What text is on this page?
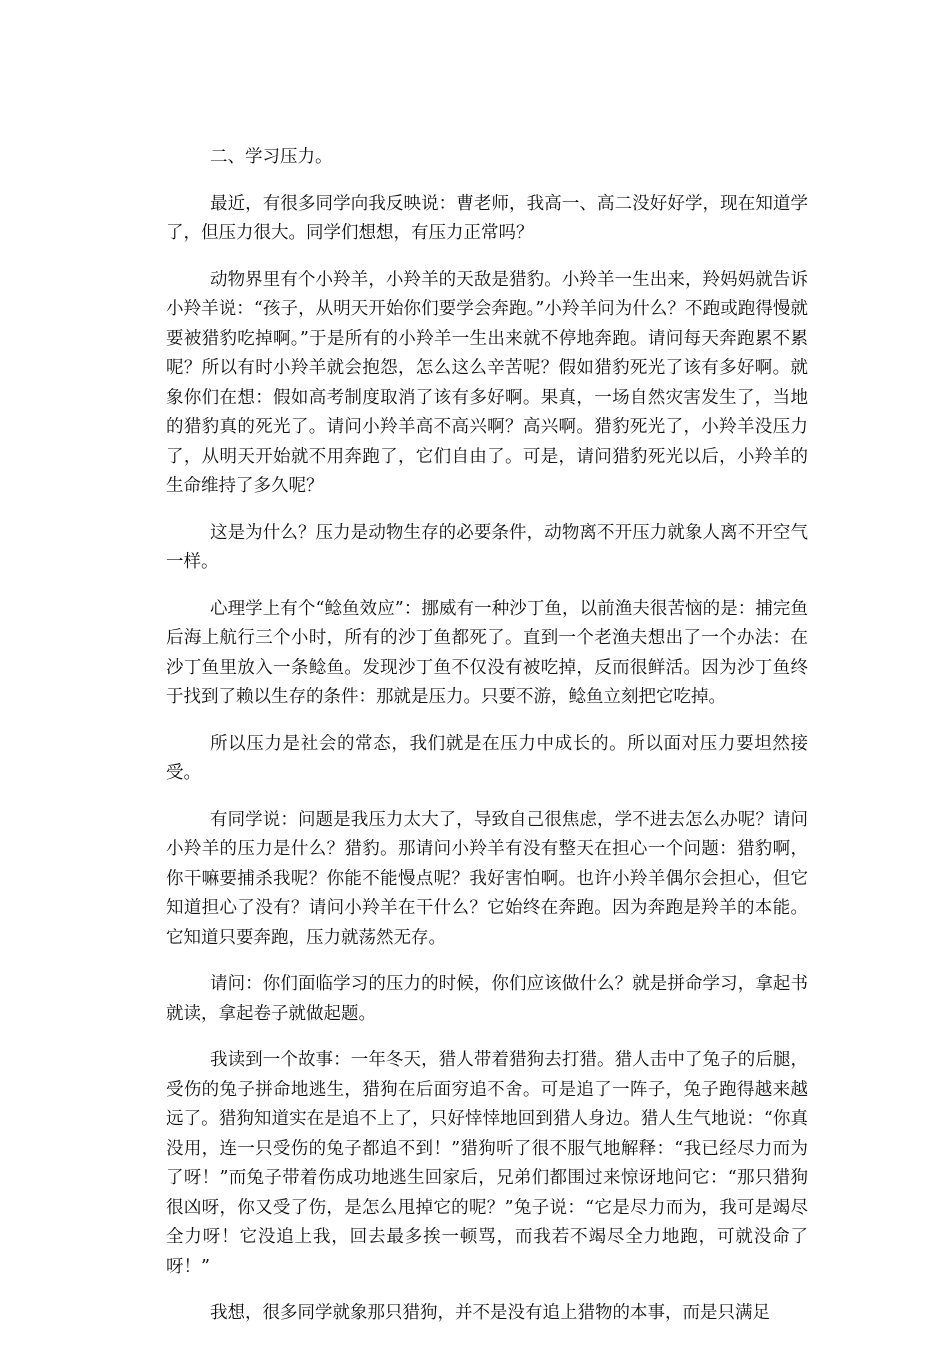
二、学习压力。

最近，有很多同学向我反映说：曹老师，我高一、高二没好好学，现在知道学了，但压力很大。同学们想想，有压力正常吗？

动物界里有个小羚羊，小羚羊的天敌是猎豹。小羚羊一生出来，羚妈妈就告诉小羚羊说：“孩子，从明天开始你们要学会奔跑。”小羚羊问为什么？不跑或跑得慢就要被猎豹吃掉啊。”于是所有的小羚羊一生出来就不停地奔跑。请问每天奔跑累不累呢？所以有时小羚羊就会抱怨，怎么这么辛苦呢？假如猎豹死光了该有多好啊。就象你们在想：假如高考制度取消了该有多好啊。果真，一场自然灾害发生了，当地的猎豹真的死光了。请问小羚羊高不高兴啊？高兴啊。猎豹死光了，小羚羊没压力了，从明天开始就不用奔跑了，它们自由了。可是，请问猎豹死光以后，小羚羊的生命维持了多久呢？

这是为什么？压力是动物生存的必要条件，动物离不开压力就象人离不开空气一样。

心理学上有个“鲶鱼效应”：挪威有一种沙丁鱼，以前渔夫很苦恼的是：捕完鱼后海上航行三个小时，所有的沙丁鱼都死了。直到一个老渔夫想出了一个办法：在沙丁鱼里放入一条鲶鱼。发现沙丁鱼不仅没有被吃掉，反而很鲜活。因为沙丁鱼终于找到了赖以生存的条件：那就是压力。只要不游，鲶鱼立刻把它吃掉。

所以压力是社会的常态，我们就是在压力中成长的。所以面对压力要坦然接受。

有同学说：问题是我压力太大了，导致自己很焦虑，学不进去怎么办呢？请问小羚羊的压力是什么？猎豹。那请问小羚羊有没有整天在担心一个问题：猎豹啊，你干嘛要捕杀我呢？你能不能慢点呢？我好害怕啊。也许小羚羊偶尔会担心，但它知道担心了没有？请问小羚羊在干什么？它始终在奔跑。因为奔跑是羚羊的本能。它知道只要奔跑，压力就荡然无存。

请问：你们面临学习的压力的时候，你们应该做什么？就是拼命学习，拿起书就读，拿起卷子就做起题。

我读到一个故事：一年冬天，猎人带着猎狗去打猎。猎人击中了兔子的后腿，受伤的兔子拼命地逃生，猎狗在后面穷追不舍。可是追了一阵子，兔子跑得越来越远了。猎狗知道实在是追不上了，只好悻悻地回到猎人身边。猎人生气地说：“你真没用，连一只受伤的兔子都追不到！”猎狗听了很不服气地解释：“我已经尽力而为了呀！”而兔子带着伤成功地逃生回家后，兄弟们都围过来惊讶地问它：“那只猎狗很凶呀，你又受了伤，是怎么甩掉它的呢？”兔子说：“它是尽力而为，我可是竭尽全力呀！它没追上我，回去最多挨一顿骂，而我若不竭尽全力地跑，可就没命了呀！”

我想，很多同学就象那只猎狗，并不是没有追上猎物的本事，而是只满足
